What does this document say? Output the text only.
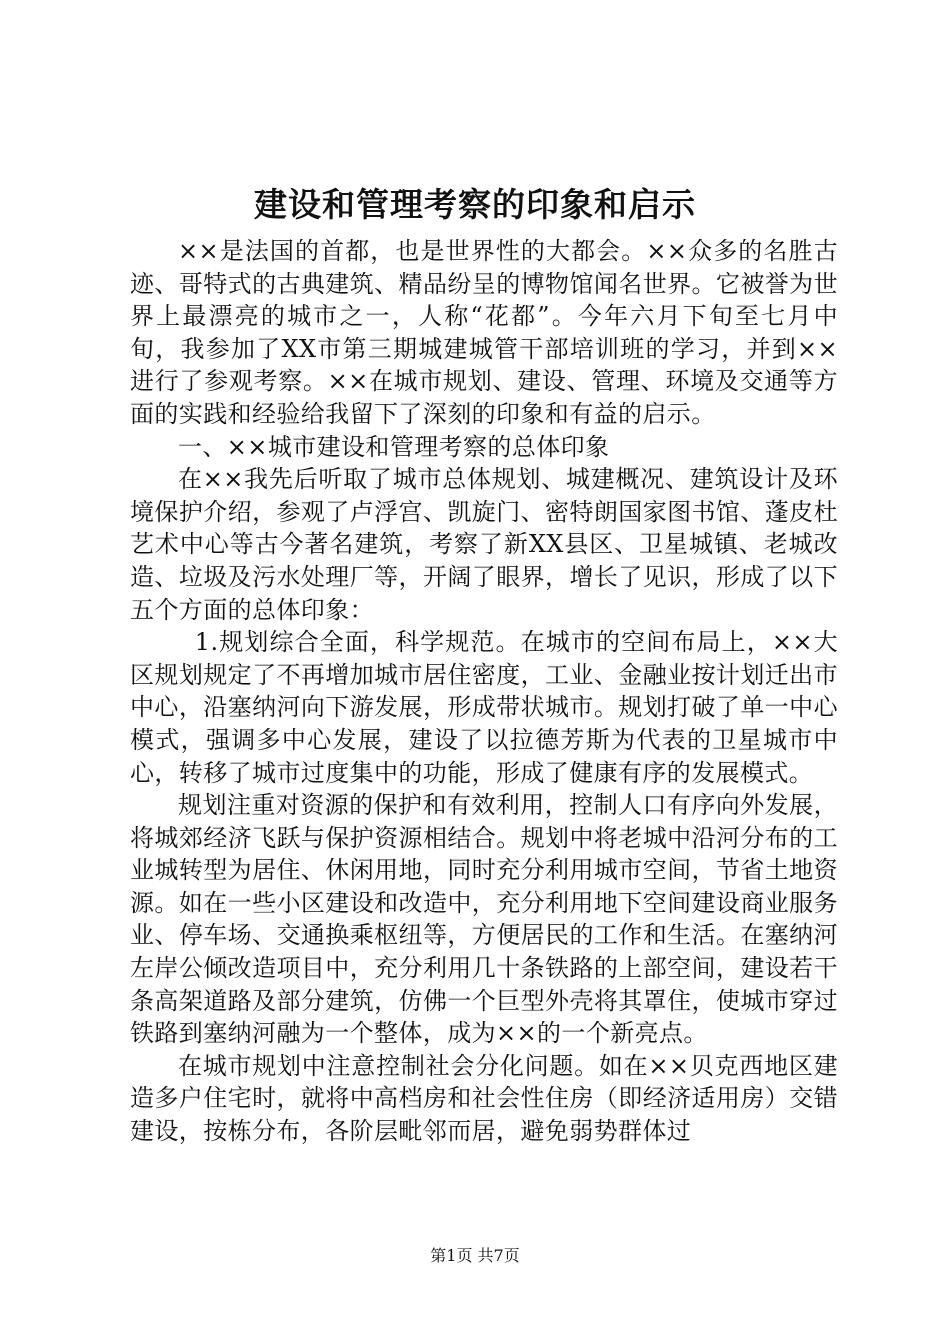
建设和管理考察的印象和启示

××是法国的首都，也是世界性的大都会。××众多的名胜古迹、哥特式的古典建筑、精品纷呈的博物馆闻名世界。它被誉为世界上最漂亮的城市之一，人称“花都”。今年六月下旬至七月中旬，我参加了XX市第三期城建城管干部培训班的学习，并到××进行了参观考察。××在城市规划、建设、管理、环境及交通等方面的实践和经验给我留下了深刻的印象和有益的启示。

一、××城市建设和管理考察的总体印象

在××我先后听取了城市总体规划、城建概况、建筑设计及环境保护介绍，参观了卢浮宫、凯旋门、密特朗国家图书馆、蓬皮杜艺术中心等古今著名建筑，考察了新XX县区、卫星城镇、老城改造、垃圾及污水处理厂等，开阔了眼界，增长了见识，形成了以下五个方面的总体印象：

1.规划综合全面，科学规范。在城市的空间布局上，××大区规划规定了不再增加城市居住密度，工业、金融业按计划迁出市中心，沿塞纳河向下游发展，形成带状城市。规划打破了单一中心模式，强调多中心发展，建设了以拉德芳斯为代表的卫星城市中心，转移了城市过度集中的功能，形成了健康有序的发展模式。

规划注重对资源的保护和有效利用，控制人口有序向外发展，将城郊经济飞跃与保护资源相结合。规划中将老城中沿河分布的工业城转型为居住、休闲用地，同时充分利用城市空间，节省土地资源。如在一些小区建设和改造中，充分利用地下空间建设商业服务业、停车场、交通换乘枢纽等，方便居民的工作和生活。在塞纳河左岸公倾改造项目中，充分利用几十条铁路的上部空间，建设若干条高架道路及部分建筑，仿佛一个巨型外壳将其罩住，使城市穿过铁路到塞纳河融为一个整体，成为××的一个新亮点。

在城市规划中注意控制社会分化问题。如在××贝克西地区建造多户住宅时，就将中高档房和社会性住房（即经济适用房）交错建设，按栋分布，各阶层毗邻而居，避免弱势群体过

第1页 共7页
